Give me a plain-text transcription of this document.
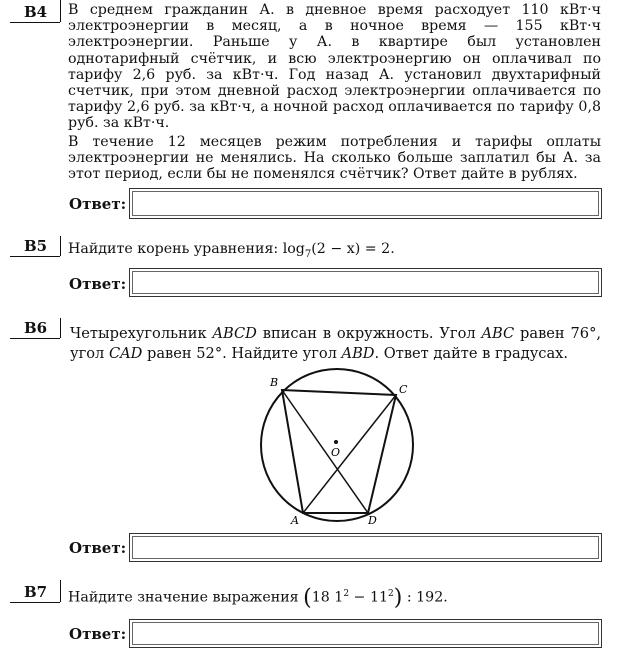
B4 В среднем гражданин А. в дневное время расходует 110 кВт·ч электроэнергии в месяц, а в ночное время — 155 кВт·ч электроэнергии. Раньше у А. в квартире был установлен однотарифный счётчик, и всю электроэнергию он оплачивал по тарифу 2,6 руб. за кВт·ч. Год назад А. установил двухтарифный счетчик, при этом дневной расход электроэнергии оплачивается по тарифу 2,6 руб. за кВт·ч, а ночной расход оплачивается по тарифу 0,8 руб. за кВт·ч.

В течение 12 месяцев режим потребления и тарифы оплаты электроэнергии не менялись. На сколько больше заплатил бы А. за этот период, если бы не поменялся счётчик? Ответ дайте в рублях.

Ответ:
B5 Найдите корень уравнения: $\log_7(2 - x) = 2$.
Ответ:
B6 Четырехугольник ABCD вписан в окружность. Угол ABC равен 76°, угол CAD равен 52°. Найдите угол ABD. Ответ дайте в градусах.
B
C
O
A	D
Ответ:
B7 Найдите значение выражения (18 $1^2 - 11^2$) : 192.
Ответ:
